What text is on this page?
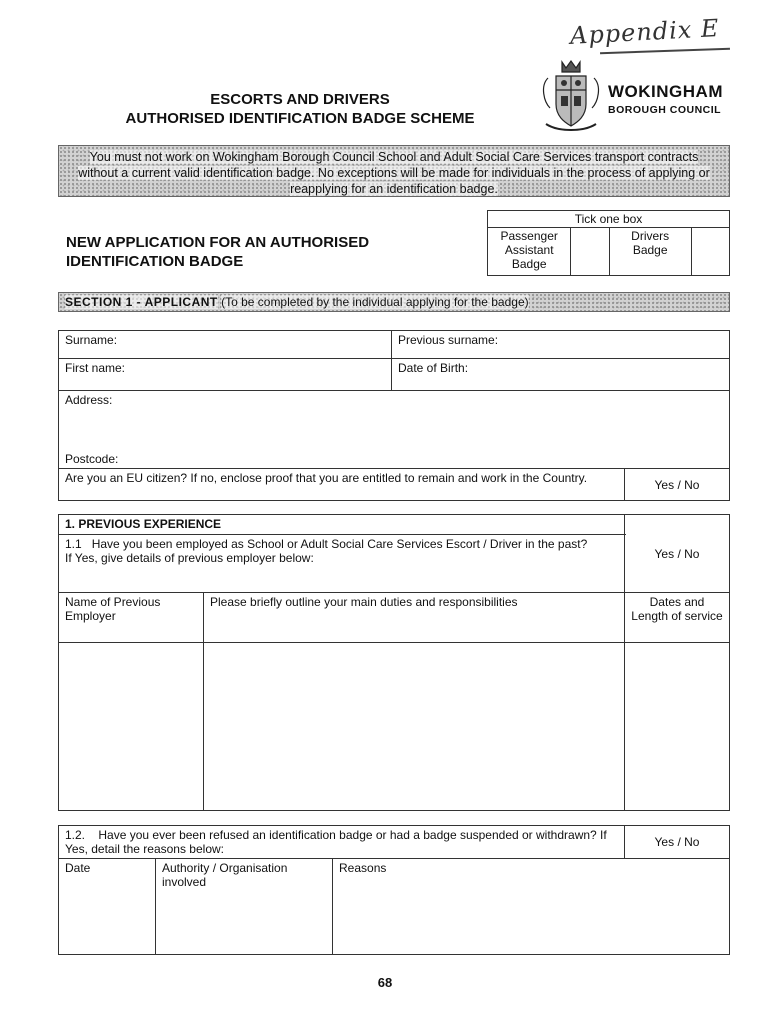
Appendix E
ESCORTS AND DRIVERS
AUTHORISED IDENTIFICATION BADGE SCHEME
WOKINGHAM
BOROUGH COUNCIL
You must not work on Wokingham Borough Council School and Adult Social Care Services transport contracts without a current valid identification badge. No exceptions will be made for individuals in the process of applying or reapplying for an identification badge.
NEW APPLICATION FOR AN AUTHORISED
IDENTIFICATION BADGE
Tick one box
Passenger Assistant Badge		Drivers Badge	
SECTION 1 - APPLICANT (To be completed by the individual applying for the badge)
Surname:	Previous surname:	
First name:	Date of Birth:	

Address:
Postcode:		

Are you an EU citizen? If no, enclose proof that you are entitled to remain and work in the Country.		Yes / No
1. PREVIOUS EXPERIENCE		Yes / No

1.1 Have you been employed as School or Adult Social Care Services Escort / Driver in the past?
If Yes, give details of previous employer below:		

Name of Previous Employer	Please briefly outline your main duties and responsibilities	Dates and Length of service

1.2. Have you ever been refused an identification badge or had a badge suspended or withdrawn? If Yes, detail the reasons below:			Yes / No
Date	Authority / Organisation involved	Reasons	
68
